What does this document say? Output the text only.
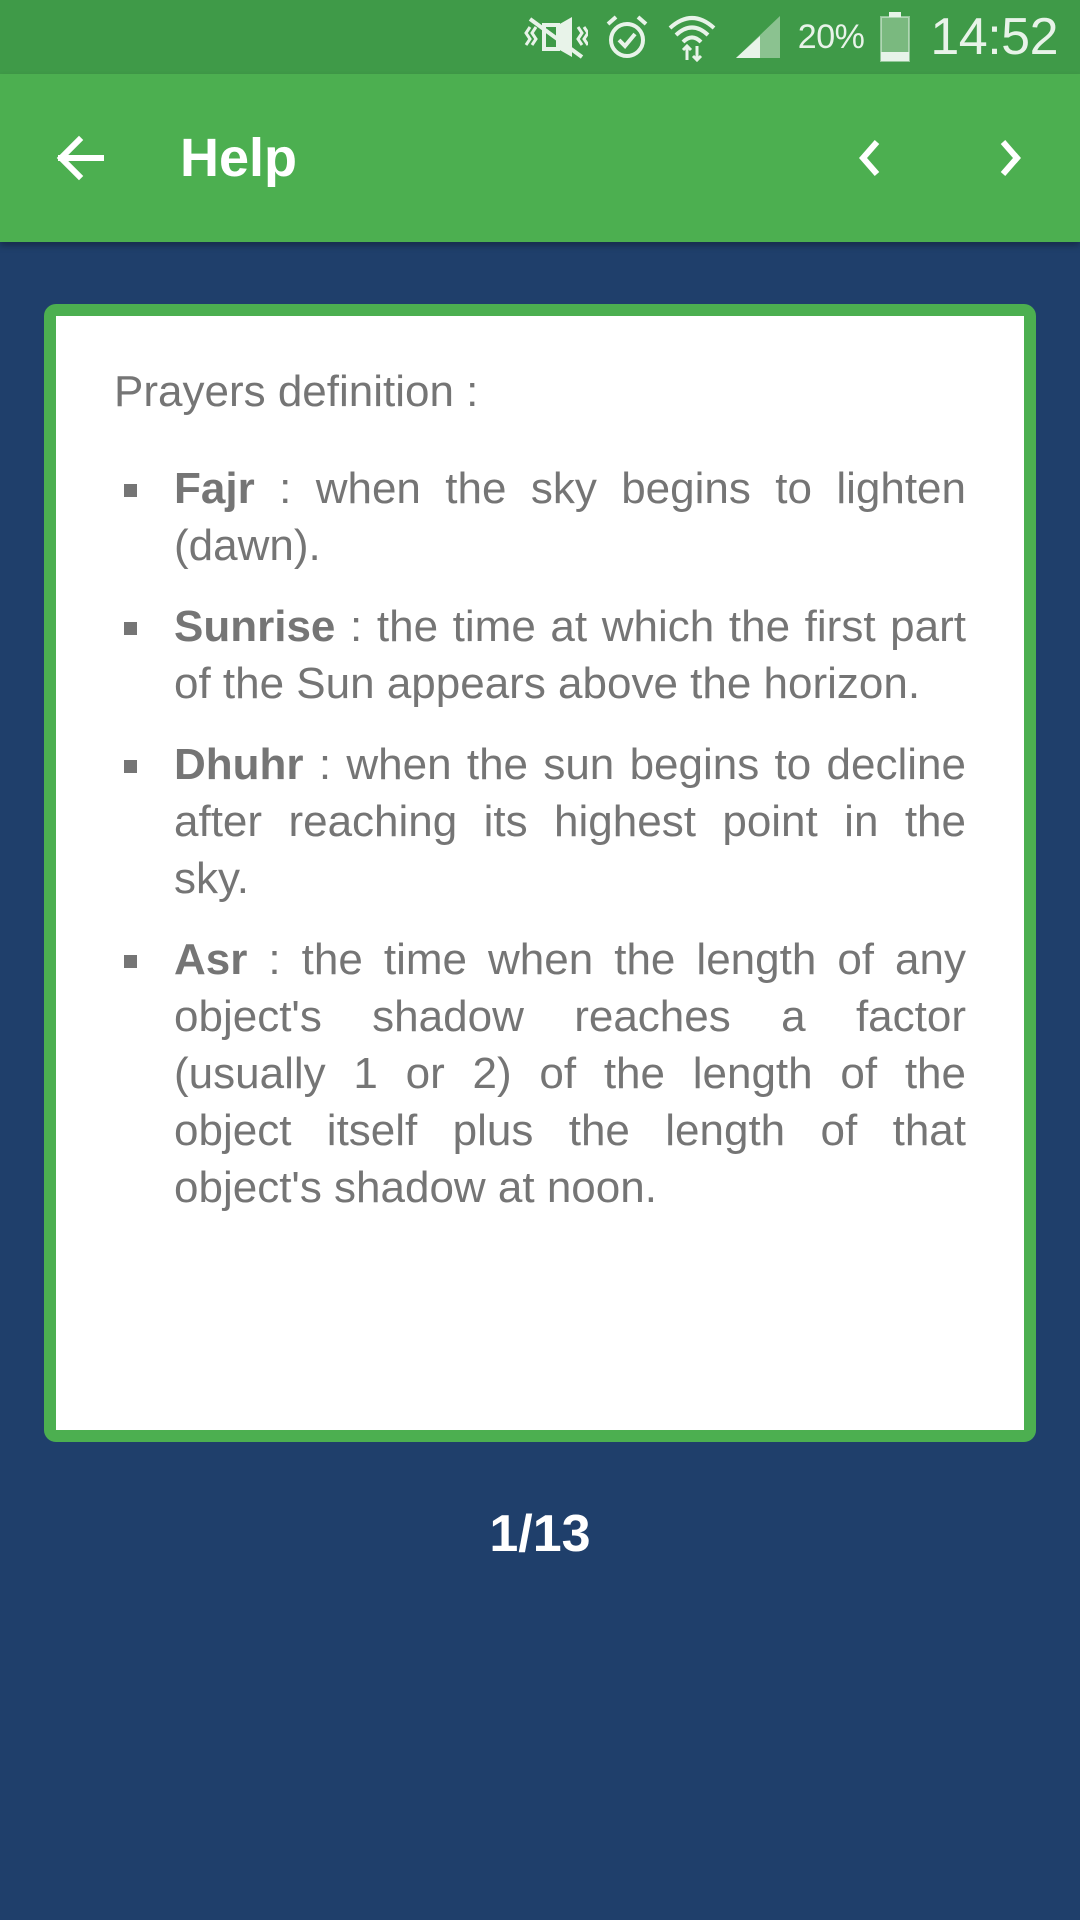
20% 14:52
Help
Prayers definition :
Fajr : when the sky begins to lighten (dawn).
Sunrise : the time at which the first part of the Sun appears above the horizon.
Dhuhr : when the sun begins to decline after reaching its highest point in the sky.
Asr : the time when the length of any object's shadow reaches a factor (usually 1 or 2) of the length of the object itself plus the length of that object's shadow at noon.
1/13
